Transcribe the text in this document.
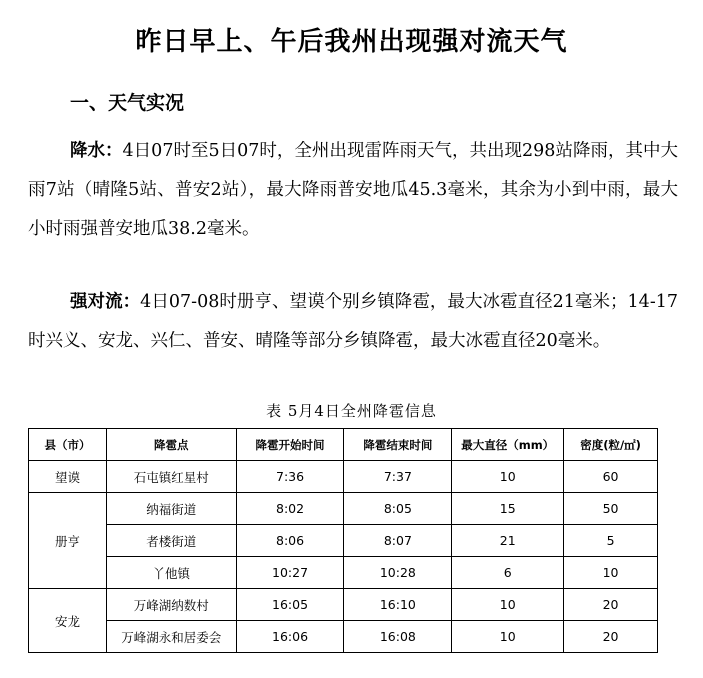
昨日早上、午后我州出现强对流天气
一、天气实况

降水：4日07时至5日07时，全州出现雷阵雨天气，共出现298站降雨，其中大雨7站（晴隆5站、普安2站），最大降雨普安地瓜45.3毫米，其余为小到中雨，最大小时雨强普安地瓜38.2毫米。

强对流：4日07-08时册亨、望谟个别乡镇降雹，最大冰雹直径21毫米；14-17时兴义、安龙、兴仁、普安、晴隆等部分乡镇降雹，最大冰雹直径20毫米。

表 5月4日全州降雹信息
县（市）	降雹点	降雹开始时间	降雹结束时间	最大直径（mm）	密度(粒/㎡)
望谟	石屯镇红星村	7:36	7:37	10	60
册亨	纳福街道	8:02	8:05	15	50
	者楼街道	8:06	8:07	21	5
	丫他镇	10:27	10:28	6	10
安龙	万峰湖纳数村	16:05	16:10	10	20
	万峰湖永和居委会	16:06	16:08	10	20
